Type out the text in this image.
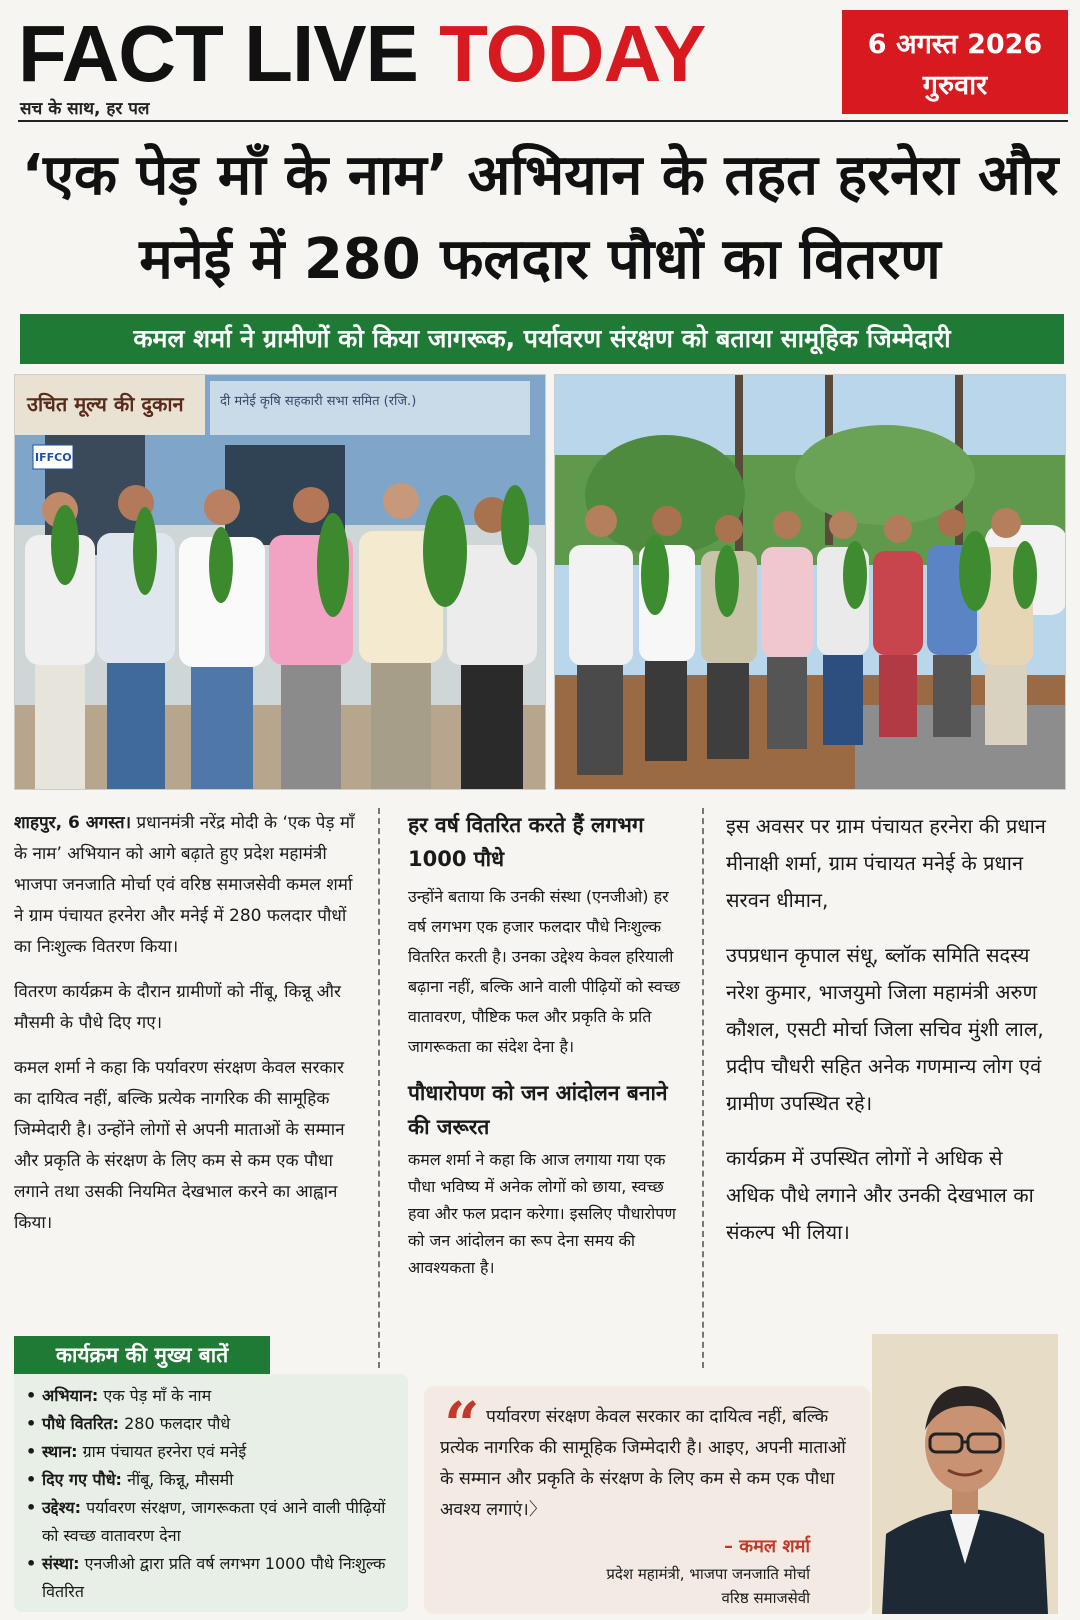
FACT LIVE TODAY
सच के साथ, हर पल
6 अगस्त 2026
गुरुवार
‘एक पेड़ माँ के नाम’ अभियान के तहत हरनेरा और
मनेई में 280 फलदार पौधों का वितरण
कमल शर्मा ने ग्रामीणों को किया जागरूक, पर्यावरण संरक्षण को बताया सामूहिक जिम्मेदारी
IFFCO
उचित मूल्य की दुकान	दी मनेई कृषि सहकारी सभा समित (रजि.)

शाहपुर, 6 अगस्त। प्रधानमंत्री नरेंद्र मोदी के ‘एक पेड़ माँ के नाम’ अभियान को आगे बढ़ाते हुए प्रदेश महामंत्री भाजपा जनजाति मोर्चा एवं वरिष्ठ समाजसेवी कमल शर्मा ने ग्राम पंचायत हरनेरा और मनेई में 280 फलदार पौधों का निःशुल्क वितरण किया।

वितरण कार्यक्रम के दौरान ग्रामीणों को नींबू, किन्नू और मौसमी के पौधे दिए गए।

कमल शर्मा ने कहा कि पर्यावरण संरक्षण केवल सरकार का दायित्व नहीं, बल्कि प्रत्येक नागरिक की सामूहिक जिम्मेदारी है। उन्होंने लोगों से अपनी माताओं के सम्मान और प्रकृति के संरक्षण के लिए कम से कम एक पौधा लगाने तथा उसकी नियमित देखभाल करने का आह्वान किया।

हर वर्ष वितरित करते हैं लगभग 1000 पौधे

उन्होंने बताया कि उनकी संस्था (एनजीओ) हर वर्ष लगभग एक हजार फलदार पौधे निःशुल्क वितरित करती है। उनका उद्देश्य केवल हरियाली बढ़ाना नहीं, बल्कि आने वाली पीढ़ियों को स्वच्छ वातावरण, पौष्टिक फल और प्रकृति के प्रति जागरूकता का संदेश देना है।

पौधारोपण को जन आंदोलन बनाने की जरूरत

कमल शर्मा ने कहा कि आज लगाया गया एक पौधा भविष्य में अनेक लोगों को छाया, स्वच्छ हवा और फल प्रदान करेगा। इसलिए पौधारोपण को जन आंदोलन का रूप देना समय की आवश्यकता है।

इस अवसर पर ग्राम पंचायत हरनेरा की प्रधान मीनाक्षी शर्मा, ग्राम पंचायत मनेई के प्रधान सरवन धीमान,

उपप्रधान कृपाल संधू, ब्लॉक समिति सदस्य नरेश कुमार, भाजयुमो जिला महामंत्री अरुण कौशल, एसटी मोर्चा जिला सचिव मुंशी लाल, प्रदीप चौधरी सहित अनेक गणमान्य लोग एवं ग्रामीण उपस्थित रहे।

कार्यक्रम में उपस्थित लोगों ने अधिक से अधिक पौधे लगाने और उनकी देखभाल का संकल्प भी लिया।

कार्यक्रम की मुख्य बातें
• अभियान: एक पेड़ माँ के नाम
• पौधे वितरित: 280 फलदार पौधे
• स्थान: ग्राम पंचायत हरनेरा एवं मनेई
• दिए गए पौधे: नींबू, किन्नू, मौसमी
• उद्देश्य: पर्यावरण संरक्षण, जागरूकता एवं आने वाली पीढ़ियों को स्वच्छ वातावरण देना
• संस्था: एनजीओ द्वारा प्रति वर्ष लगभग 1000 पौधे निःशुल्क वितरित
“ पर्यावरण संरक्षण केवल सरकार का दायित्व नहीं, बल्कि प्रत्येक नागरिक की सामूहिक जिम्मेदारी है। आइए, अपनी माताओं के सम्मान और प्रकृति के संरक्षण के लिए कम से कम एक पौधा अवश्य लगाएं।〉

– कमल शर्मा
प्रदेश महामंत्री, भाजपा जनजाति मोर्चा
वरिष्ठ समाजसेवी
